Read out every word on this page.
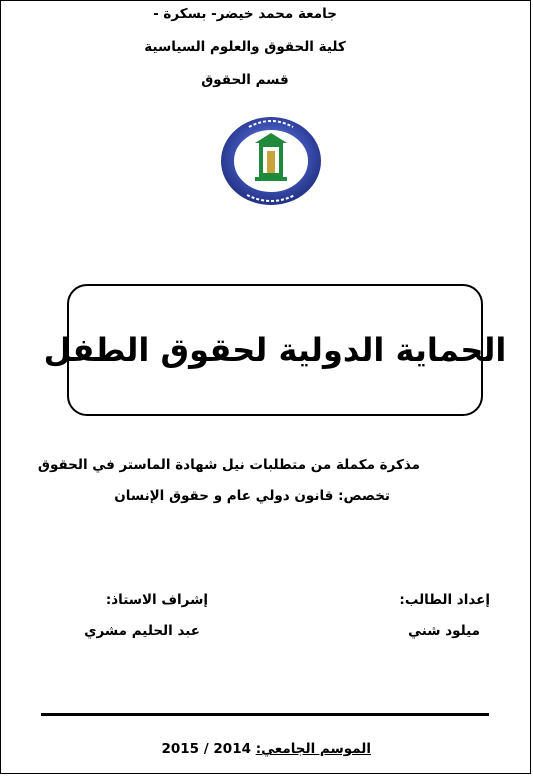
جامعة محمد خيضر- بسكرة -
كلية الحقوق والعلوم السياسية
قسم الحقوق
الحماية الدولية لحقوق الطفل
مذكرة مكملة من متطلبات نيل شهادة الماستر في الحقوق
تخصص: قانون دولي عام و حقوق الإنسان
إعداد الطالب:
ميلود شني
إشراف الاستاذ:
عبد الحليم مشري
الموسم الجامعي: 2014 / 2015
